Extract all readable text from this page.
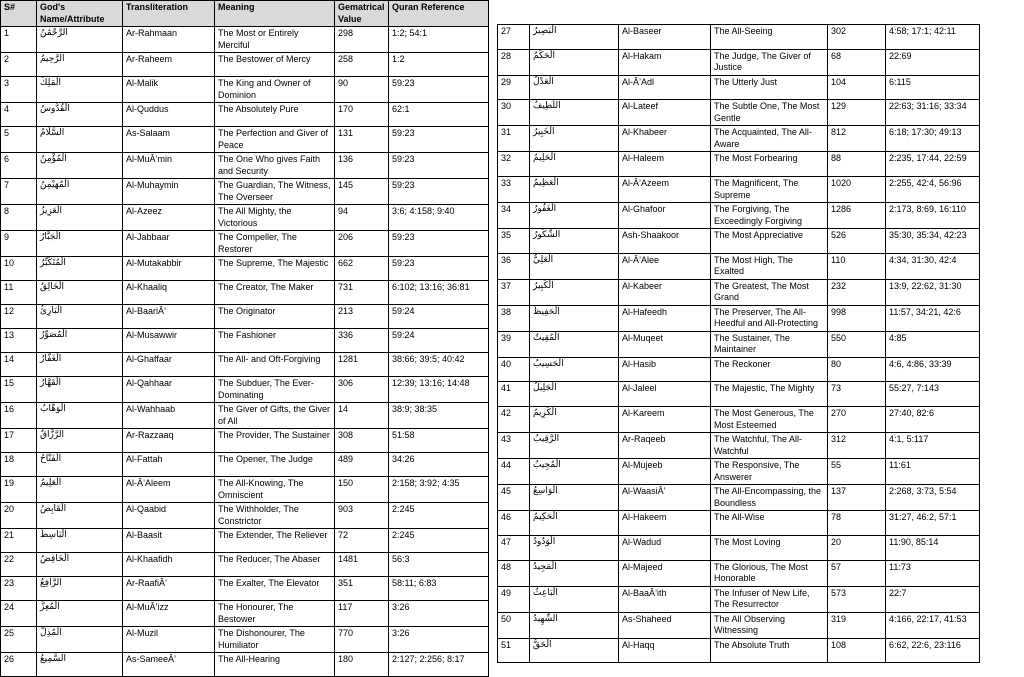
S#	God's Name/Attribute	Transliteration	Meaning	Gematrical Value	Quran Reference
1	الرَّحْمَٰنُ	Ar-Rahmaan	The Most or Entirely Merciful	298	1:2; 54:1
2	الرَّحِيمُ	Ar-Raheem	The Bestower of Mercy	258	1:2
3	الْمَلِكُ	Al-Malik	The King and Owner of Dominion	90	59:23
4	الْقُدُّوسُ	Al-Quddus	The Absolutely Pure	170	62:1
5	السَّلَامُ	As-Salaam	The Perfection and Giver of Peace	131	59:23
6	الْمُؤْمِنُ	Al-MuÂ’min	The One Who gives Faith and Security	136	59:23
7	الْمُهَيْمِنُ	Al-Muhaymin	The Guardian, The Witness, The Overseer	145	59:23
8	الْعَزِيزُ	Al-Azeez	The All Mighty, the Victorious	94	3:6; 4:158; 9:40
9	الْجَبَّارُ	Al-Jabbaar	The Compeller, The Restorer	206	59:23
10	الْمُتَكَبِّرُ	Al-Mutakabbir	The Supreme, The Majestic	662	59:23
11	الْخَالِقُ	Al-Khaaliq	The Creator, The Maker	731	6:102; 13:16; 36:81
12	الْبَارِئُ	Al-BaariÂ’	The Originator	213	59:24
13	الْمُصَوِّرُ	Al-Musawwir	The Fashioner	336	59:24
14	الْغَفَّارُ	Al-Ghaffaar	The All- and Oft-Forgiving	1281	38:66; 39:5; 40:42
15	الْقَهَّارُ	Al-Qahhaar	The Subduer, The Ever-Dominating	306	12:39; 13:16; 14:48
16	الْوَهَّابُ	Al-Wahhaab	The Giver of Gifts, the Giver of All	14	38:9; 38:35
17	الرَّزَّاقُ	Ar-Razzaaq	The Provider, The Sustainer	308	51:58
18	الْفَتَّاحُ	Al-Fattah	The Opener, The Judge	489	34:26
19	الْعَلِيمُ	Al-Â’Aleem	The All-Knowing, The Omniscient	150	2:158; 3:92; 4:35
20	الْقَابِضُ	Al-Qaabid	The Withholder, The Constrictor	903	2:245
21	الْبَاسِطُ	Al-Baasit	The Extender, The Reliever	72	2:245
22	الْخَافِضُ	Al-Khaafidh	The Reducer, The Abaser	1481	56:3
23	الرَّافِعُ	Ar-RaafiÂ’	The Exalter, The Elevator	351	58:11; 6:83
24	الْمُعِزُّ	Al-MuÂ’izz	The Honourer, The Bestower	117	3:26
25	الْمُذِلُّ	Al-Muzil	The Dishonourer, The Humiliator	770	3:26
26	السَّمِيعُ	As-SameeÂ’	The All-Hearing	180	2:127; 2:256; 8:17
27	الْبَصِيرُ	Al-Baseer	The All-Seeing	302	4:58; 17:1; 42:11
28	الْحَكَمُ	Al-Hakam	The Judge, The Giver of Justice	68	22:69
29	الْعَدْلُ	Al-Â’Adl	The Utterly Just	104	6:115
30	اللَّطِيفُ	Al-Lateef	The Subtle One, The Most Gentle	129	22:63; 31:16; 33:34
31	الْخَبِيرُ	Al-Khabeer	The Acquainted, The All-Aware	812	6:18; 17:30; 49:13
32	الْحَلِيمُ	Al-Haleem	The Most Forbearing	88	2:235, 17:44, 22:59
33	الْعَظِيمُ	Al-Â’Azeem	The Magnificent, The Supreme	1020	2:255, 42:4, 56:96
34	الْغَفُورُ	Al-Ghafoor	The Forgiving, The Exceedingly Forgiving	1286	2:173, 8:69, 16:110
35	الشَّكُورُ	Ash-Shaakoor	The Most Appreciative	526	35:30, 35:34, 42:23
36	الْعَلِيُّ	Al-Â’Alee	The Most High, The Exalted	110	4:34, 31:30, 42:4
37	الْكَبِيرُ	Al-Kabeer	The Greatest, The Most Grand	232	13:9, 22:62, 31:30
38	الْحَفِيظُ	Al-Hafeedh	The Preserver, The All-Heedful and All-Protecting	998	11:57, 34:21, 42:6
39	الْمُقِيتُ	Al-Muqeet	The Sustainer, The Maintainer	550	4:85
40	الْحَسِيبُ	Al-Hasib	The Reckoner	80	4:6, 4:86, 33:39
41	الْجَلِيلُ	Al-Jaleel	The Majestic, The Mighty	73	55:27, 7:143
42	الْكَرِيمُ	Al-Kareem	The Most Generous, The Most Esteemed	270	27:40, 82:6
43	الرَّقِيبُ	Ar-Raqeeb	The Watchful, The All-Watchful	312	4:1, 5:117
44	الْمُجِيبُ	Al-Mujeeb	The Responsive, The Answerer	55	11:61
45	الْوَاسِعُ	Al-WaasiÂ’	The All-Encompassing, the Boundless	137	2:268, 3:73, 5:54
46	الْحَكِيمُ	Al-Hakeem	The All-Wise	78	31:27, 46:2, 57:1
47	الْوَدُودُ	Al-Wadud	The Most Loving	20	11:90, 85:14
48	الْمَجِيدُ	Al-Majeed	The Glorious, The Most Honorable	57	11:73
49	الْبَاعِثُ	Al-BaaÂ’ith	The Infuser of New Life, The Resurrector	573	22:7
50	الشَّهِيدُ	As-Shaheed	The All Observing Witnessing	319	4:166, 22:17, 41:53
51	الْحَقُّ	Al-Haqq	The Absolute Truth	108	6:62, 22:6, 23:116
